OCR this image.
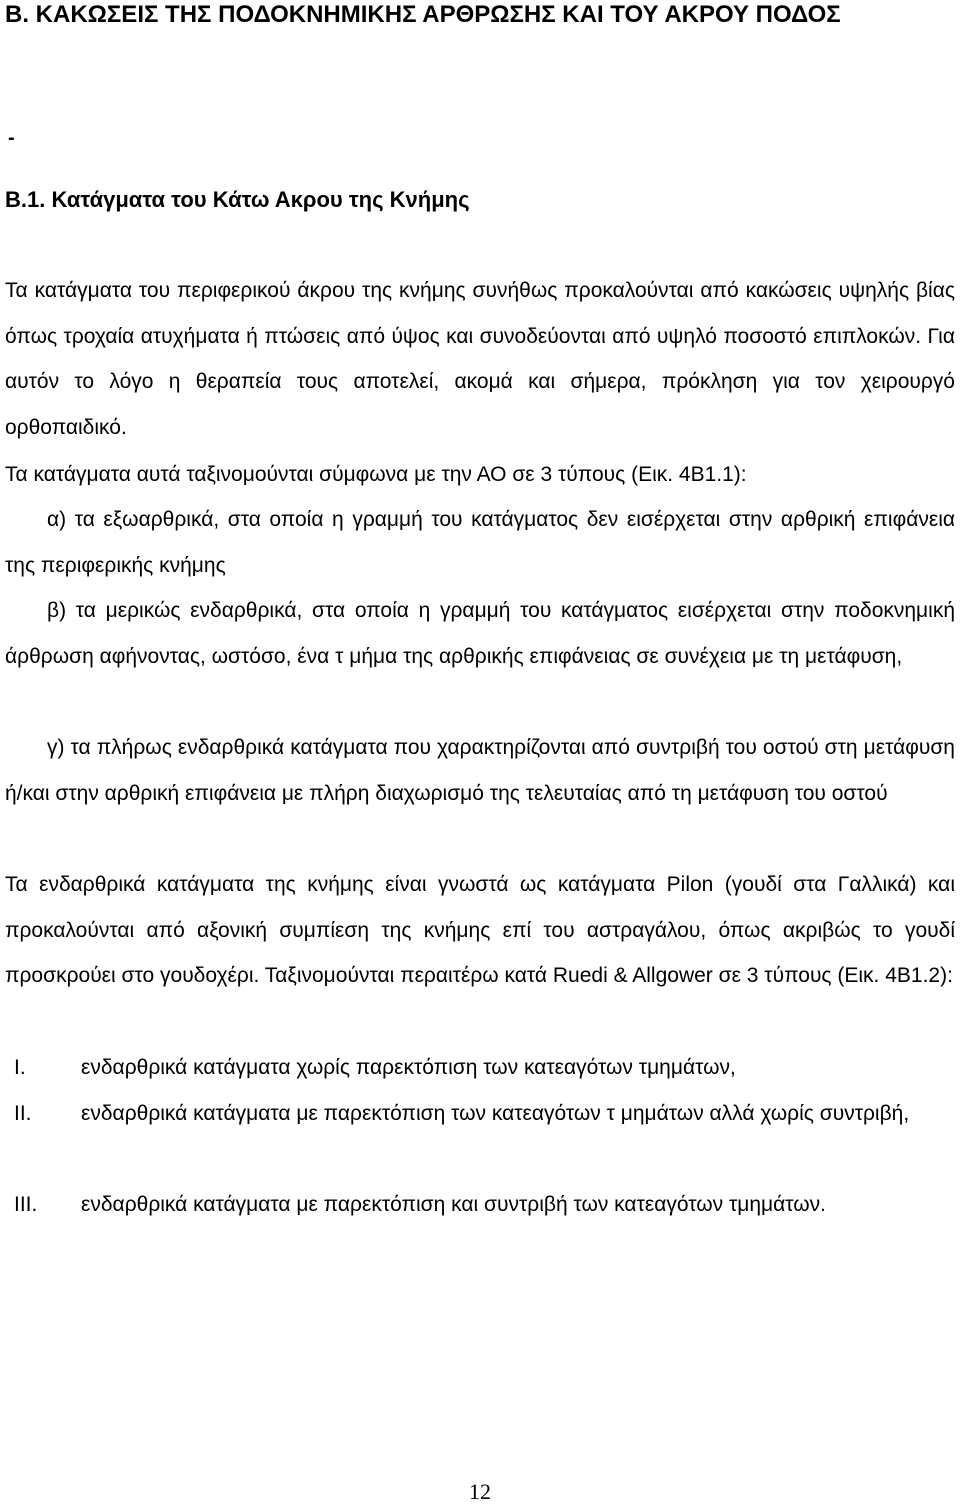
Β. ΚΑΚΩΣΕΙΣ ΤΗΣ ΠΟΔΟΚΝΗΜΙΚΗΣ ΑΡΘΡΩΣΗΣ ΚΑΙ ΤΟΥ ΑΚΡΟΥ ΠΟΔΟΣ
-
Β.1. Κατάγματα του Κάτω Ακρου της Κνήμης
Τα κατάγματα του περιφερικού άκρου της κνήμης συνήθως προκαλούνται από κακώσεις υψηλής βίας όπως τροχαία ατυχήματα ή πτώσεις από ύψος και συνοδεύονται από υψηλό ποσοστό επιπλοκών. Για αυτόν το λόγο η θεραπεία τους αποτελεί, ακομά και σήμερα, πρόκληση για τον χειρουργό ορθοπαιδικό.
Τα κατάγματα αυτά ταξινομούνται σύμφωνα με την ΑΟ σε 3 τύπους (Εικ. 4Β1.1):
α) τα εξωαρθρικά, στα οποία η γραμμή του κατάγματος δεν εισέρχεται στην αρθρική επιφάνεια της περιφερικής κνήμης
β) τα μερικώς ενδαρθρικά, στα οποία η γραμμή του κατάγματος εισέρχεται στην ποδοκνημική άρθρωση αφήνοντας, ωστόσο, ένα τ μήμα της αρθρικής επιφάνειας σε συνέχεια με τη μετάφυση,
γ) τα πλήρως ενδαρθρικά κατάγματα που χαρακτηρίζονται από συντριβή του οστού στη μετάφυση ή/και στην αρθρική επιφάνεια με πλήρη διαχωρισμό της τελευταίας από τη μετάφυση του οστού
Τα ενδαρθρικά κατάγματα της κνήμης είναι γνωστά ως κατάγματα Pilon (γουδί στα Γαλλικά) και προκαλούνται από αξονική συμπίεση της κνήμης επί του αστραγάλου, όπως ακριβώς το γουδί προσκρούει στο γουδοχέρι. Ταξινομούνται περαιτέρω κατά Ruedi & Allgower σε 3 τύπους (Εικ. 4Β1.2):
I.	ενδαρθρικά κατάγματα χωρίς παρεκτόπιση των κατεαγότων τμημάτων,
II.	ενδαρθρικά κατάγματα με παρεκτόπιση των κατεαγότων τ μημάτων αλλά χωρίς συντριβή,
III.	ενδαρθρικά κατάγματα με παρεκτόπιση και συντριβή των κατεαγότων τμημάτων.
12
